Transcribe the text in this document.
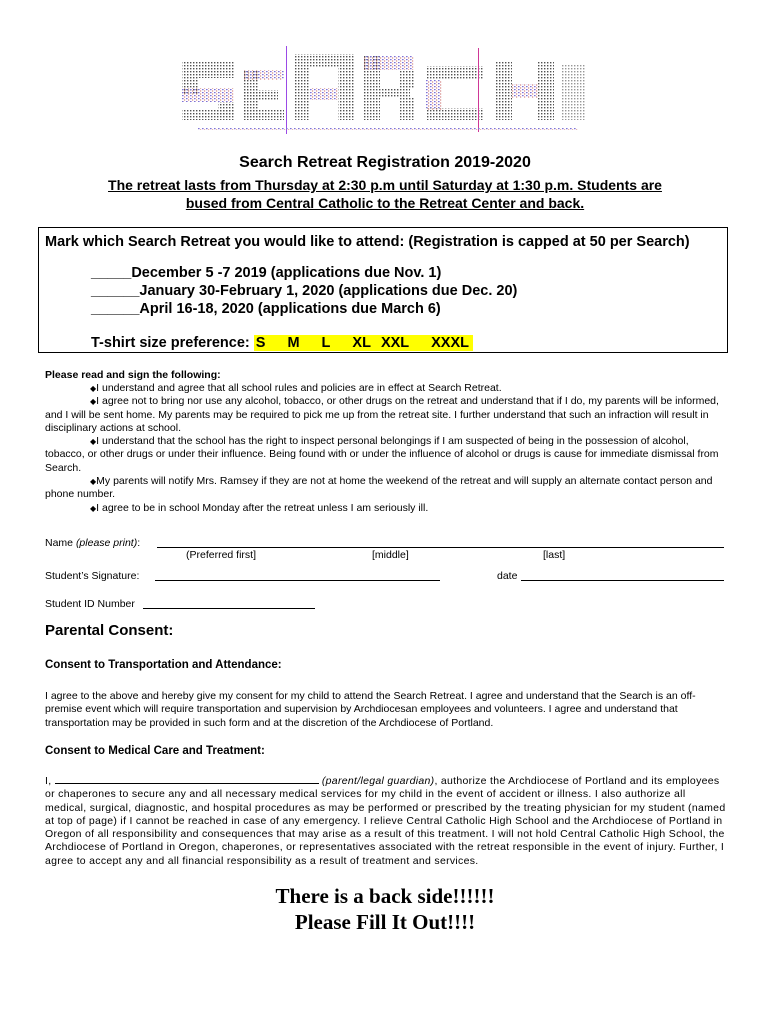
Search Retreat Registration 2019-2020
The retreat lasts from Thursday at 2:30 p.m until Saturday at 1:30 p.m. Students are
bused from Central Catholic to the Retreat Center and back.
Mark which Search Retreat you would like to attend: (Registration is capped at 50 per Search)
_____December 5 -7 2019 (applications due Nov. 1)
______January 30-February 1, 2020 (applications due Dec. 20)
______April 16-18, 2020 (applications due March 6)
T-shirt size preference: S M L XL XXL XXXL
Please read and sign the following:
◆I understand and agree that all school rules and policies are in effect at Search Retreat.
◆I agree not to bring nor use any alcohol, tobacco, or other drugs on the retreat and understand that if I do, my parents will be informed, and I will be sent home. My parents may be required to pick me up from the retreat site. I further understand that such an infraction will result in disciplinary actions at school.
◆I understand that the school has the right to inspect personal belongings if I am suspected of being in the possession of alcohol, tobacco, or other drugs or under their influence. Being found with or under the influence of alcohol or drugs is cause for immediate dismissal from Search.
◆My parents will notify Mrs. Ramsey if they are not at home the weekend of the retreat and will supply an alternate contact person and phone number.
◆I agree to be in school Monday after the retreat unless I am seriously ill.
Name (please print):
(Preferred first]	[middle]	[last]
Student’s Signature:	date
Student ID Number
Parental Consent:
Consent to Transportation and Attendance:
I agree to the above and hereby give my consent for my child to attend the Search Retreat. I agree and understand that the Search is an off-premise event which will require transportation and supervision by Archdiocesan employees and volunteers. I agree and understand that transportation may be provided in such form and at the discretion of the Archdiocese of Portland.
Consent to Medical Care and Treatment:
I,	(parent/legal guardian), authorize the Archdiocese of Portland and its employees or chaperones to secure any and all necessary medical services for my child in the event of accident or illness. I also authorize all medical, surgical, diagnostic, and hospital procedures as may be performed or prescribed by the treating physician for my student (named at top of page) if I cannot be reached in case of any emergency. I relieve Central Catholic High School and the Archdiocese of Portland in Oregon of all responsibility and consequences that may arise as a result of this treatment. I will not hold Central Catholic High School, the Archdiocese of Portland in Oregon, chaperones, or representatives associated with the retreat responsible in the event of injury. Further, I agree to accept any and all financial responsibility as a result of treatment and services.
There is a back side!!!!!!
Please Fill It Out!!!!
